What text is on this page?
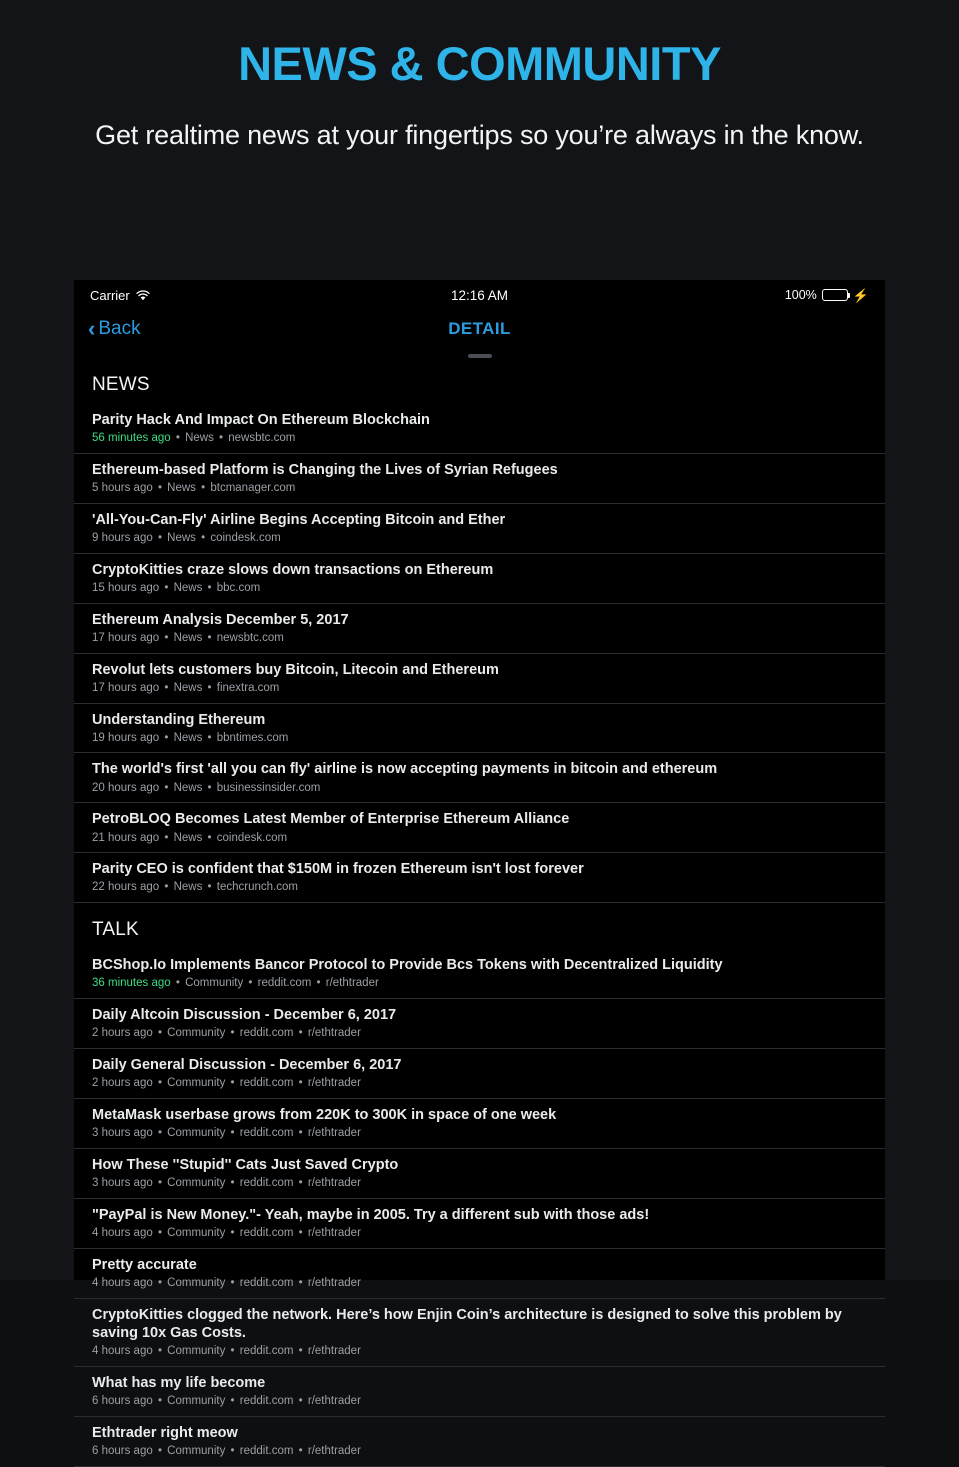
NEWS & COMMUNITY
Get realtime news at your fingertips so you’re always in the know.
Carrier	12:16 AM	100%	⚡
‹ Back	DETAIL
NEWS
Parity Hack And Impact On Ethereum Blockchain
56 minutes ago • News • newsbtc.com
Ethereum-based Platform is Changing the Lives of Syrian Refugees
5 hours ago • News • btcmanager.com
'All-You-Can-Fly' Airline Begins Accepting Bitcoin and Ether
9 hours ago • News • coindesk.com
CryptoKitties craze slows down transactions on Ethereum
15 hours ago • News • bbc.com
Ethereum Analysis December 5, 2017
17 hours ago • News • newsbtc.com
Revolut lets customers buy Bitcoin, Litecoin and Ethereum
17 hours ago • News • finextra.com
Understanding Ethereum
19 hours ago • News • bbntimes.com
The world's first 'all you can fly' airline is now accepting payments in bitcoin and ethereum
20 hours ago • News • businessinsider.com
PetroBLOQ Becomes Latest Member of Enterprise Ethereum Alliance
21 hours ago • News • coindesk.com
Parity CEO is confident that $150M in frozen Ethereum isn't lost forever
22 hours ago • News • techcrunch.com
TALK
BCShop.Io Implements Bancor Protocol to Provide Bcs Tokens with Decentralized Liquidity
36 minutes ago • Community • reddit.com • r/ethtrader
Daily Altcoin Discussion - December 6, 2017
2 hours ago • Community • reddit.com • r/ethtrader
Daily General Discussion - December 6, 2017
2 hours ago • Community • reddit.com • r/ethtrader
MetaMask userbase grows from 220K to 300K in space of one week
3 hours ago • Community • reddit.com • r/ethtrader
How These ''Stupid'' Cats Just Saved Crypto
3 hours ago • Community • reddit.com • r/ethtrader
"PayPal is New Money."- Yeah, maybe in 2005. Try a different sub with those ads!
4 hours ago • Community • reddit.com • r/ethtrader
Pretty accurate
4 hours ago • Community • reddit.com • r/ethtrader
CryptoKitties clogged the network. Here’s how Enjin Coin’s architecture is designed to solve this problem by saving 10x Gas Costs.
4 hours ago • Community • reddit.com • r/ethtrader
What has my life become
6 hours ago • Community • reddit.com • r/ethtrader
Ethtrader right meow
6 hours ago • Community • reddit.com • r/ethtrader
